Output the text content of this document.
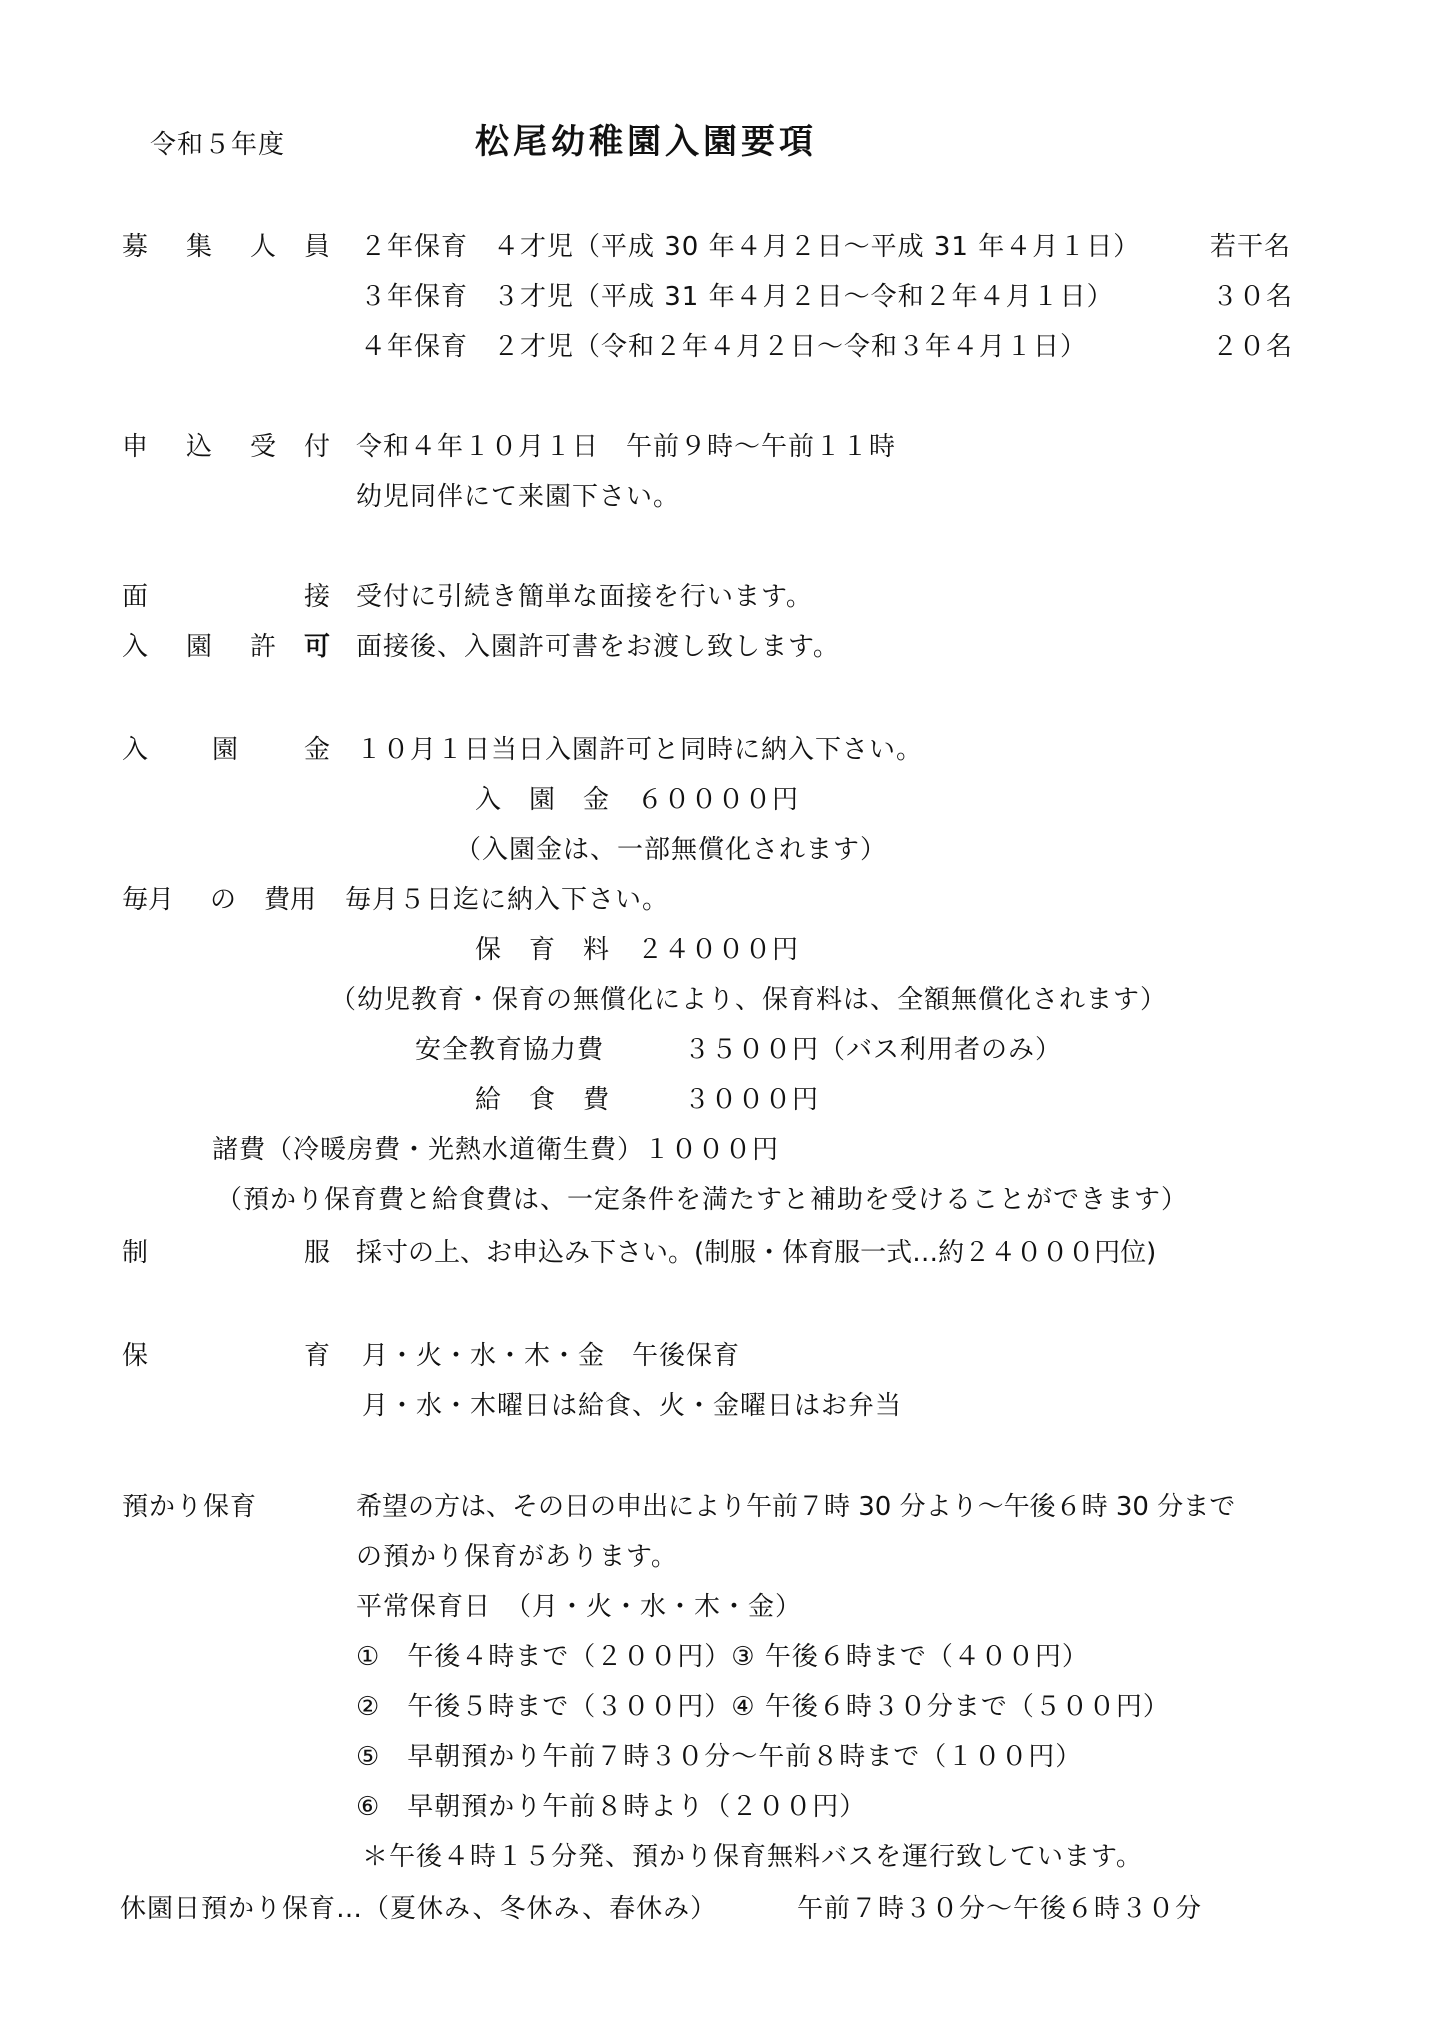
令和５年度	松尾幼稚園入園要項
募 集 人 員 ２年保育 ４才児（平成 30 年４月２日～平成 31 年４月１日）	若干名
３年保育 ３才児（平成 31 年４月２日～令和２年４月１日）	３０名
４年保育 ２才児（令和２年４月２日～令和３年４月１日）	２０名
申 込 受 付 令和４年１０月１日　午前９時～午前１１時
幼児同伴にて来園下さい。
面	接 受付に引続き簡単な面接を行います。
入 園 許 可 面接後、入園許可書をお渡し致します。
入 園	金 １０月１日当日入園許可と同時に納入下さい。
入　園　金　６００００円
（入園金は、一部無償化されます）
毎月 の 費用 毎月５日迄に納入下さい。
保　育　料　２４０００円
（幼児教育・保育の無償化により、保育料は、全額無償化されます）
安全教育協力費	３５００円（バス利用者のみ）
給　食　費	３０００円
諸費（冷暖房費・光熱水道衛生費）１０００円
（預かり保育費と給食費は、一定条件を満たすと補助を受けることができます）
制	服 採寸の上、お申込み下さい。(制服・体育服一式…約２４０００円位)
保	育 月・火・水・木・金　午後保育
月・水・木曜日は給食、火・金曜日はお弁当
預かり保育	希望の方は、その日の申出により午前７時 30 分より～午後６時 30 分まで
の預かり保育があります。
平常保育日　（月・火・水・木・金）
①　午後４時まで（２００円）③ 午後６時まで（４００円）
②　午後５時まで（３００円）④ 午後６時３０分まで（５００円）
⑤　早朝預かり午前７時３０分～午前８時まで（１００円）
⑥　早朝預かり午前８時より（２００円）
＊午後４時１５分発、預かり保育無料バスを運行致しています。
休園日預かり保育…（夏休み、冬休み、春休み）	午前７時３０分～午後６時３０分
